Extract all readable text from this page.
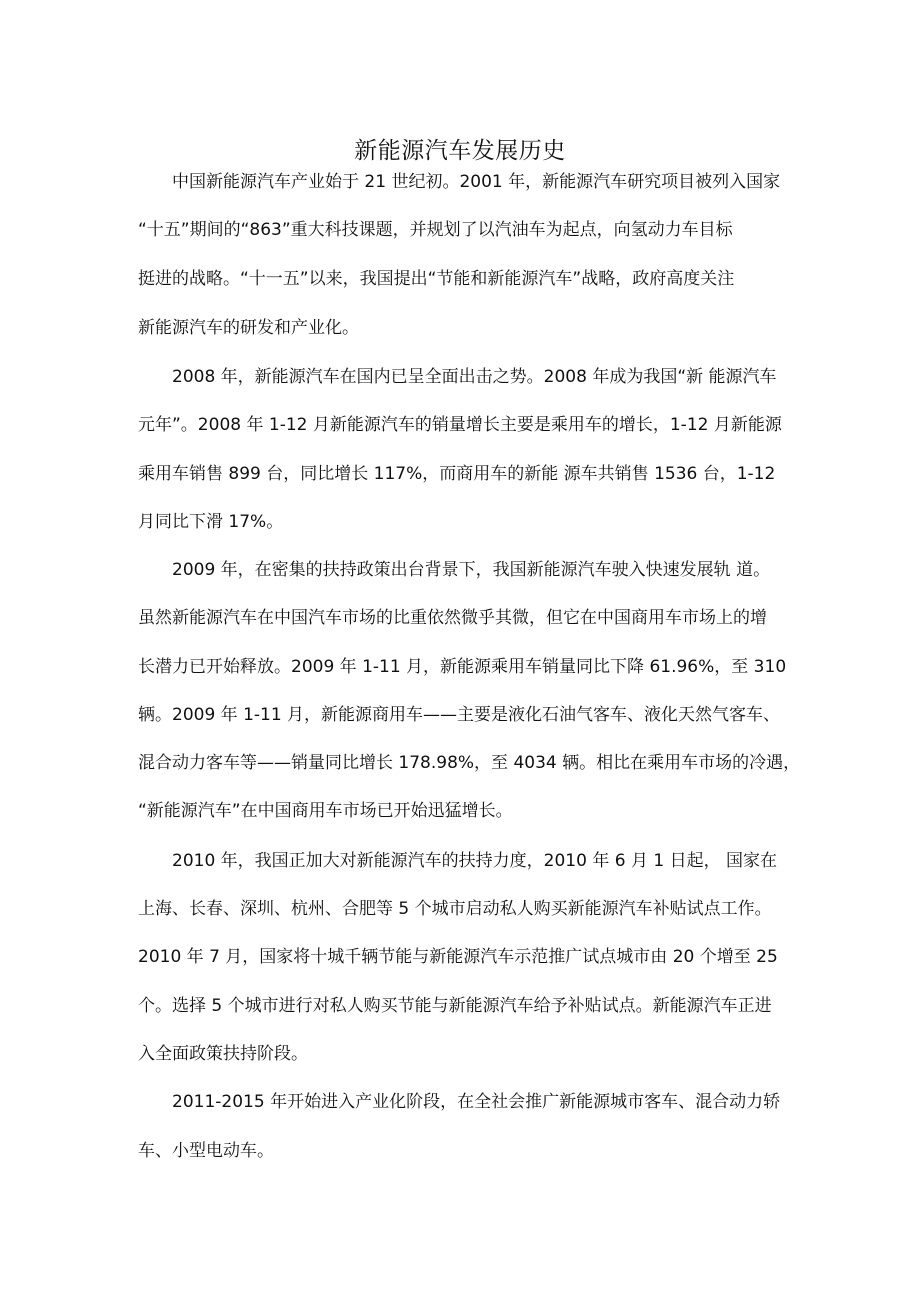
新能源汽车发展历史
中国新能源汽车产业始于 21 世纪初。2001 年，新能源汽车研究项目被列入国家
“十五”期间的“863”重大科技课题，并规划了以汽油车为起点，向氢动力车目标
挺进的战略。“十一五”以来，我国提出“节能和新能源汽车”战略，政府高度关注
新能源汽车的研发和产业化。
2008 年，新能源汽车在国内已呈全面出击之势。2008 年成为我国“新 能源汽车
元年”。2008 年 1-12 月新能源汽车的销量增长主要是乘用车的增长，1-12 月新能源
乘用车销售 899 台，同比增长 117%，而商用车的新能 源车共销售 1536 台，1-12
月同比下滑 17%。
2009 年，在密集的扶持政策出台背景下，我国新能源汽车驶入快速发展轨 道。
虽然新能源汽车在中国汽车市场的比重依然微乎其微，但它在中国商用车市场上的增
长潜力已开始释放。2009 年 1-11 月，新能源乘用车销量同比下降 61.96%，至 310
辆。2009 年 1-11 月，新能源商用车——主要是液化石油气客车、液化天然气客车、
混合动力客车等——销量同比增长 178.98%，至 4034 辆。相比在乘用车市场的冷遇，
“新能源汽车”在中国商用车市场已开始迅猛增长。
2010 年，我国正加大对新能源汽车的扶持力度，2010 年 6 月 1 日起， 国家在
上海、长春、深圳、杭州、合肥等 5 个城市启动私人购买新能源汽车补贴试点工作。
2010 年 7 月，国家将十城千辆节能与新能源汽车示范推广试点城市由 20 个增至 25
个。选择 5 个城市进行对私人购买节能与新能源汽车给予补贴试点。新能源汽车正进
入全面政策扶持阶段。
2011-2015 年开始进入产业化阶段，在全社会推广新能源城市客车、混合动力轿
车、小型电动车。
